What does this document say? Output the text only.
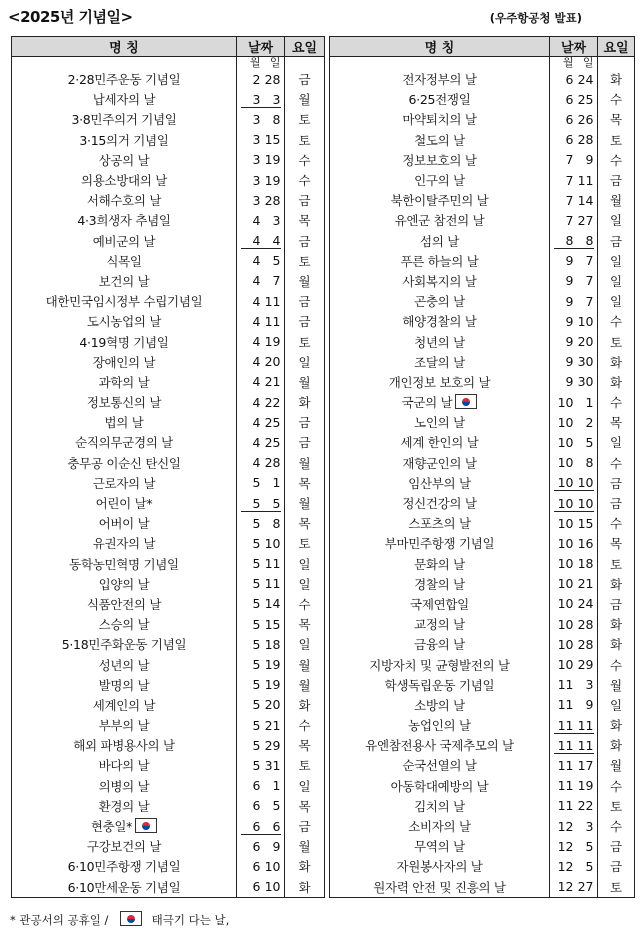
<2025년 기념일>	(우주항공청 발표)
명 칭	날짜	요일
	월 일	
2·28민주운동 기념일	2 28	금
납세자의 날	3 3	월
3·8민주의거 기념일	3 8	토
3·15의거 기념일	3 15	토
상공의 날	3 19	수
의용소방대의 날	3 19	수
서해수호의 날	3 28	금
4·3희생자 추념일	4 3	목
예비군의 날	4 4	금
식목일	4 5	토
보건의 날	4 7	월
대한민국임시정부 수립기념일	4 11	금
도시농업의 날	4 11	금
4·19혁명 기념일	4 19	토
장애인의 날	4 20	일
과학의 날	4 21	월
정보통신의 날	4 22	화
법의 날	4 25	금
순직의무군경의 날	4 25	금
충무공 이순신 탄신일	4 28	월
근로자의 날	5 1	목
어린이 날*	5 5	월
어버이 날	5 8	목
유권자의 날	5 10	토
동학농민혁명 기념일	5 11	일
입양의 날	5 11	일
식품안전의 날	5 14	수
스승의 날	5 15	목
5·18민주화운동 기념일	5 18	일
성년의 날	5 19	월
발명의 날	5 19	월
세계인의 날	5 20	화
부부의 날	5 21	수
해외 파병용사의 날	5 29	목
바다의 날	5 31	토
의병의 날	6 1	일
환경의 날	6 5	목
현충일*	6 6	금
구강보건의 날	6 9	월
6·10민주항쟁 기념일	6 10	화
6·10만세운동 기념일	6 10	화
명 칭	날짜	요일
	월 일	
전자정부의 날	6 24	화
6·25전쟁일	6 25	수
마약퇴치의 날	6 26	목
철도의 날	6 28	토
정보보호의 날	7 9	수
인구의 날	7 11	금
북한이탈주민의 날	7 14	월
유엔군 참전의 날	7 27	일
섬의 날	8 8	금
푸른 하늘의 날	9 7	일
사회복지의 날	9 7	일
곤충의 날	9 7	일
해양경찰의 날	9 10	수
청년의 날	9 20	토
조달의 날	9 30	화
개인정보 보호의 날	9 30	화
국군의 날	10 1	수
노인의 날	10 2	목
세계 한인의 날	10 5	일
재향군인의 날	10 8	수
임산부의 날	10 10	금
정신건강의 날	10 10	금
스포츠의 날	10 15	수
부마민주항쟁 기념일	10 16	목
문화의 날	10 18	토
경찰의 날	10 21	화
국제연합일	10 24	금
교정의 날	10 28	화
금융의 날	10 28	화
지방자치 및 균형발전의 날	10 29	수
학생독립운동 기념일	11 3	월
소방의 날	11 9	일
농업인의 날	11 11	화
유엔참전용사 국제추모의 날	11 11	화
순국선열의 날	11 17	월
아동학대예방의 날	11 19	수
김치의 날	11 22	토
소비자의 날	12 3	수
무역의 날	12 5	금
자원봉사자의 날	12 5	금
원자력 안전 및 진흥의 날	12 27	토
* 관공서의 공휴일 /	태극기 다는 날,
